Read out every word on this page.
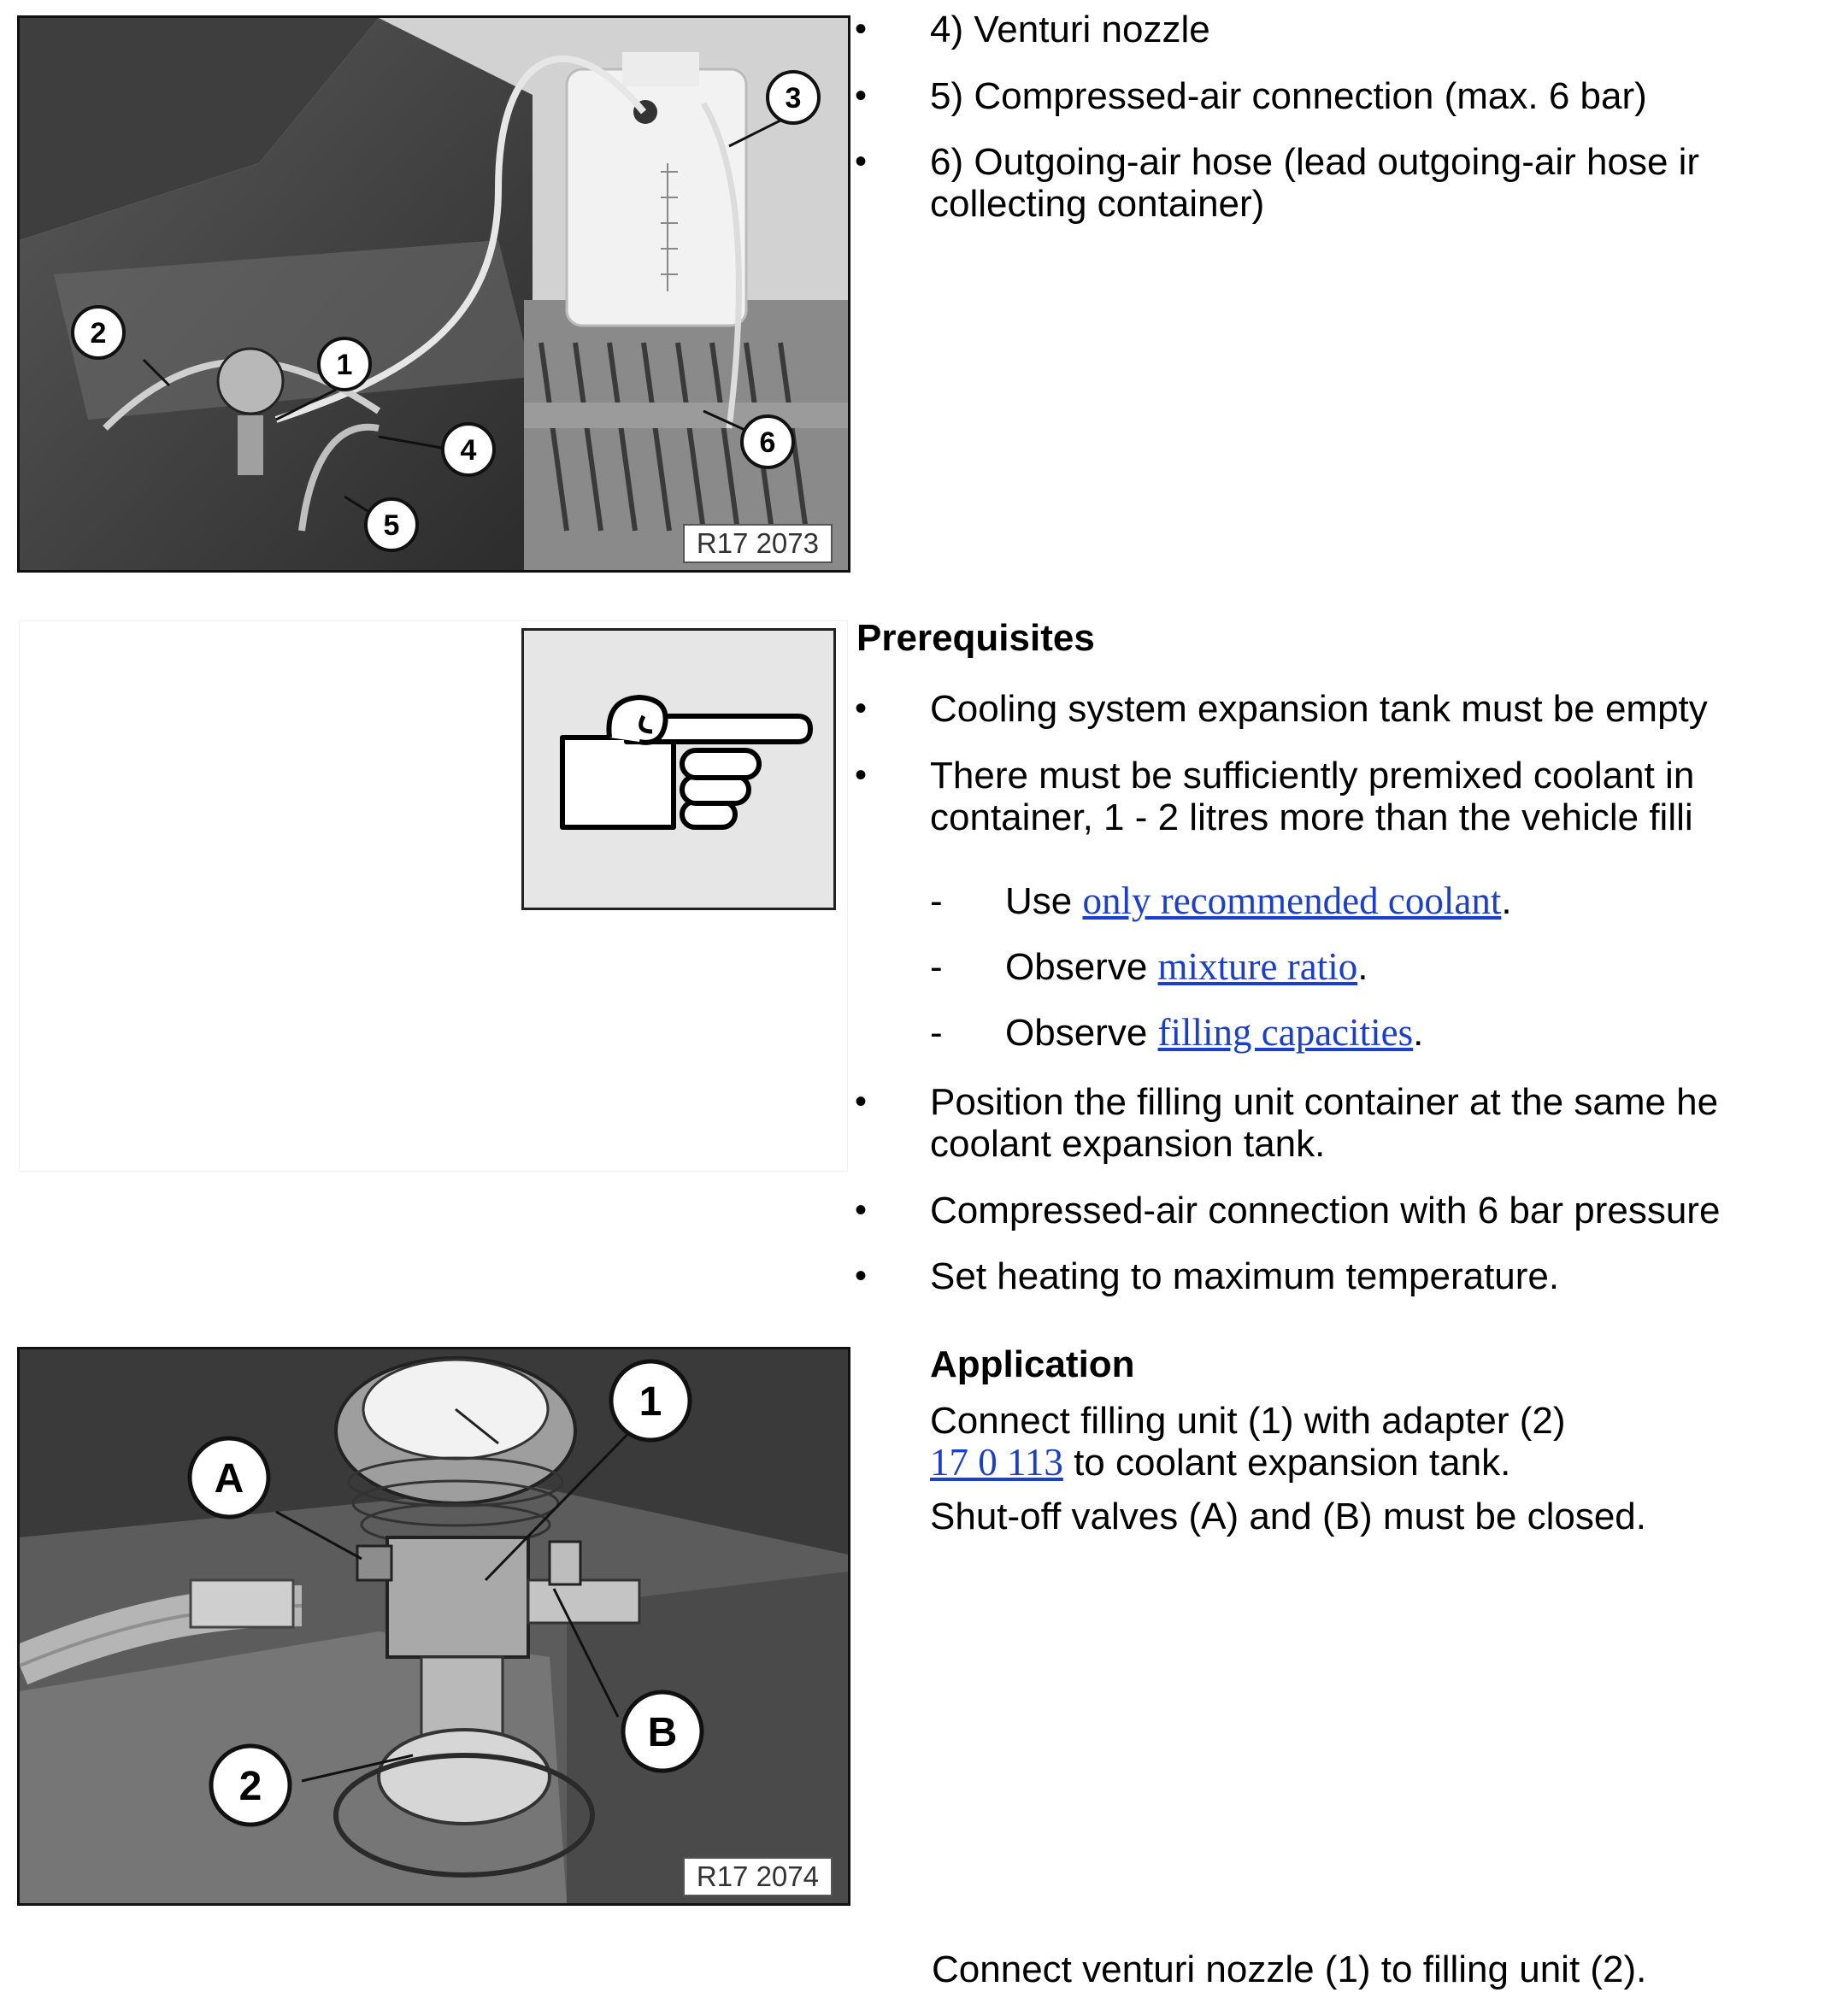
3
2
1
4	6
5
R17 2073
• 4) Venturi nozzle
• 5) Compressed-air connection (max. 6 bar)
• 6) Outgoing-air hose (lead outgoing-air hose ir
collecting container)
Prerequisites
• Cooling system expansion tank must be empty
• There must be sufficiently premixed coolant in
container, 1 - 2 litres more than the vehicle filli
- Use only recommended coolant.
- Observe mixture ratio.
- Observe filling capacities.
• Position the filling unit container at the same he
coolant expansion tank.
• Compressed-air connection with 6 bar pressure
• Set heating to maximum temperature.
1
A
B
2
R17 2074
Application
Connect filling unit (1) with adapter (2)
17 0 113 to coolant expansion tank.
Shut-off valves (A) and (B) must be closed.
Connect venturi nozzle (1) to filling unit (2).
